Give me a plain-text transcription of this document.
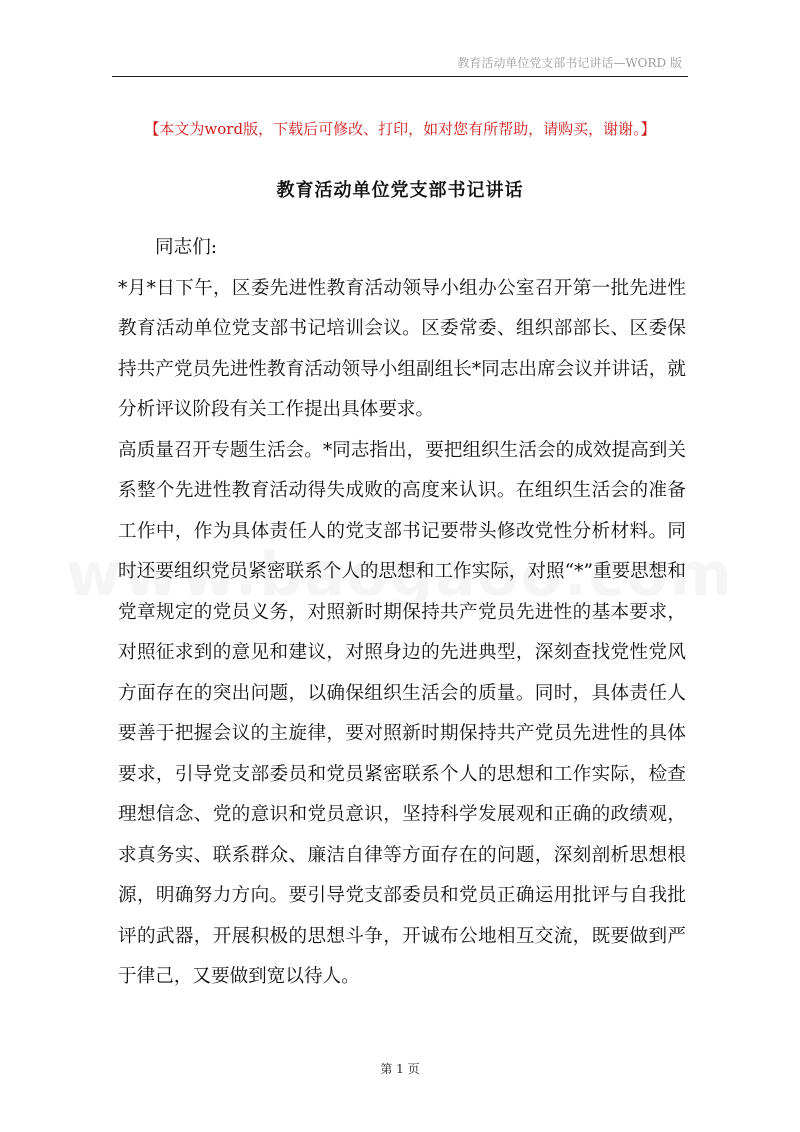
教育活动单位党支部书记讲话—WORD 版
【本文为word版，下载后可修改、打印，如对您有所帮助，请购买，谢谢。】
教育活动单位党支部书记讲话

同志们:

*月*日下午，区委先进性教育活动领导小组办公室召开第一批先进性教育活动单位党支部书记培训会议。区委常委、组织部部长、区委保持共产党员先进性教育活动领导小组副组长*同志出席会议并讲话，就分析评议阶段有关工作提出具体要求。

高质量召开专题生活会。*同志指出，要把组织生活会的成效提高到关系整个先进性教育活动得失成败的高度来认识。在组织生活会的准备工作中，作为具体责任人的党支部书记要带头修改党性分析材料。同时还要组织党员紧密联系个人的思想和工作实际，对照“*”重要思想和党章规定的党员义务，对照新时期保持共产党员先进性的基本要求，对照征求到的意见和建议，对照身边的先进典型，深刻查找党性党风方面存在的突出问题，以确保组织生活会的质量。同时，具体责任人要善于把握会议的主旋律，要对照新时期保持共产党员先进性的具体要求，引导党支部委员和党员紧密联系个人的思想和工作实际，检查理想信念、党的意识和党员意识，坚持科学发展观和正确的政绩观，求真务实、联系群众、廉洁自律等方面存在的问题，深刻剖析思想根源，明确努力方向。要引导党支部委员和党员正确运用批评与自我批评的武器，开展积极的思想斗争，开诚布公地相互交流，既要做到严于律己，又要做到宽以待人。

第 1 页
